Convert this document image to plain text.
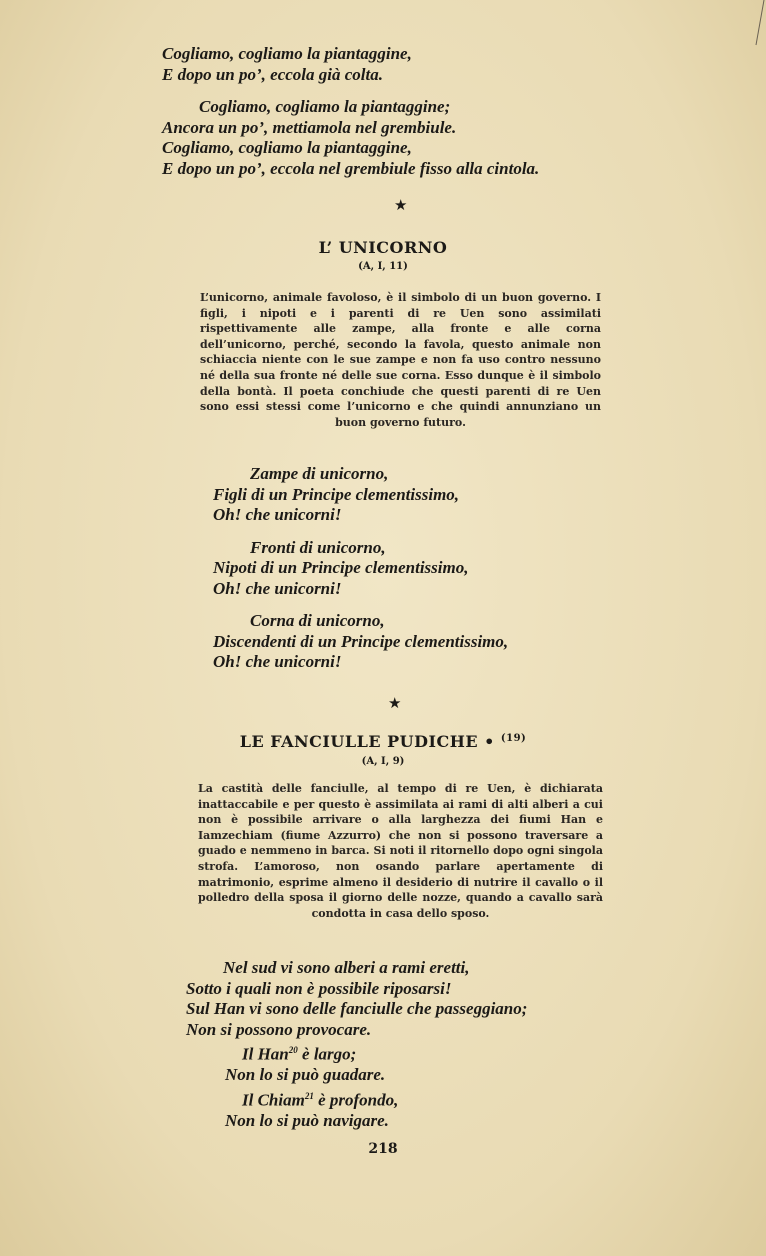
Cogliamo, cogliamo la piantaggine,
E dopo un po’, eccola già colta.
Cogliamo, cogliamo la piantaggine;
Ancora un po’, mettiamola nel grembiule.
Cogliamo, cogliamo la piantaggine,
E dopo un po’, eccola nel grembiule fisso alla cintola.
★
L’ UNICORNO
(A, I, 11)
L’unicorno, animale favoloso, è il simbolo di un buon governo. I figli, i nipoti e i parenti di re Uen sono assimilati rispettivamente alle zampe, alla fronte e alle corna dell’unicorno, perché, secondo la favola, questo animale non schiaccia niente con le sue zampe e non fa uso contro nessuno né della sua fronte né delle sue corna. Esso dunque è il simbolo della bontà. Il poeta conchiude che questi parenti di re Uen sono essi stessi come l’unicorno e che quindi annunziano un buon governo futuro.
Zampe di unicorno,
Figli di un Principe clementissimo,
Oh! che unicorni!
Fronti di unicorno,
Nipoti di un Principe clementissimo,
Oh! che unicorni!
Corna di unicorno,
Discendenti di un Principe clementissimo,
Oh! che unicorni!
★
LE FANCIULLE PUDICHE • $^{(19)}$
(A, I, 9)
La castità delle fanciulle, al tempo di re Uen, è dichiarata inattaccabile e per questo è assimilata ai rami di alti alberi a cui non è possibile arrivare o alla larghezza dei fiumi Han e Iamzechiam (fiume Azzurro) che non si possono traversare a guado e nemmeno in barca. Si noti il ritornello dopo ogni singola strofa. L’amoroso, non osando parlare apertamente di matrimonio, esprime almeno il desiderio di nutrire il cavallo o il polledro della sposa il giorno delle nozze, quando a cavallo sarà condotta in casa dello sposo.
Nel sud vi sono alberi a rami eretti,
Sotto i quali non è possibile riposarsi!
Sul Han vi sono delle fanciulle che passeggiano;
Non si possono provocare.
Il Han$^{20}$ è largo;
Non lo si può guadare.
Il Chiam$^{21}$ è profondo,
Non lo si può navigare.
218
